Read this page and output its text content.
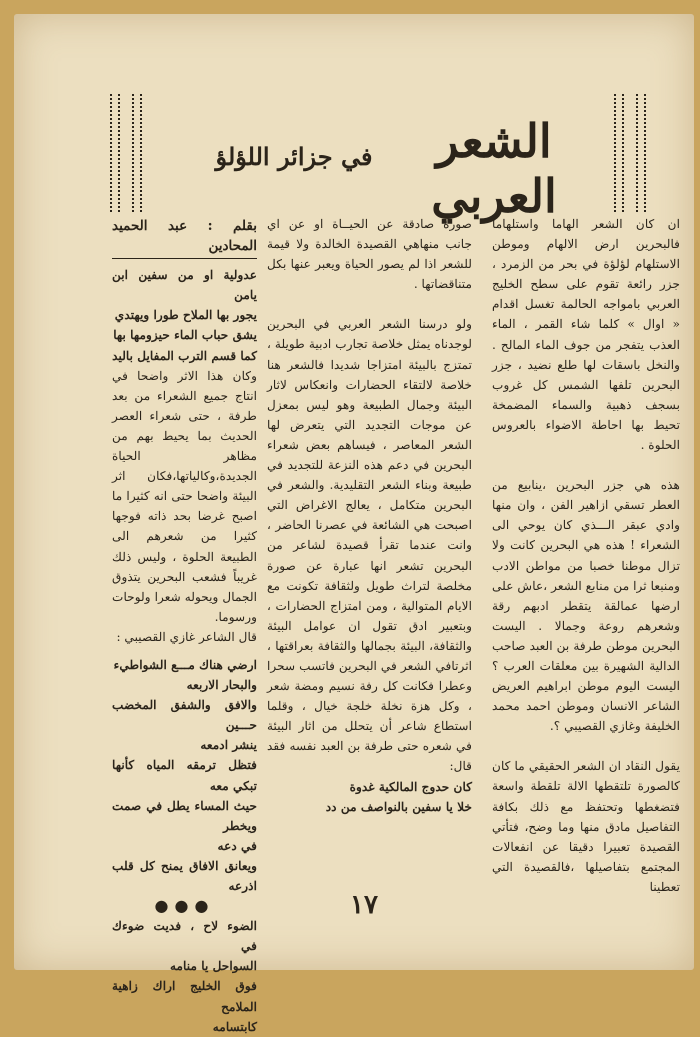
الشعر العربي
في جزائر اللؤلؤ

ان كان الشعر الهاما واستلهاما فالبحرين ارض الالهام وموطن الاستلهام لؤلؤة في بحر من الزمرد ، جزر رائعة تقوم على سطح الخليج العربي بامواجه الحالمة تغسل اقدام « اوال » كلما شاء القمر ، الماء العذب يتفجر من جوف الماء المالح . والنخل باسقات لها طلع نضيد ، جزر البحرين تلفها الشمس كل غروب بسجف ذهبية والسماء المضمخة تحيط بها احاطة الاضواء بالعروس الحلوة .

هذه هي جزر البحرين ،ينابيع من العطر تسقي ازاهير الفن ، وان منها وادي عبقر الـــذي كان يوحي الى الشعراء ! هذه هي البحرين كانت ولا تزال موطنا خصبا من مواطن الادب ومنبعا ثرا من منابع الشعر ،عاش على ارضها عمالقة يتقطر ادبهم رقة وشعرهم روعة وجمالا . اليست البحرين موطن طرفة بن العبد صاحب الدالية الشهيرة بين معلقات العرب ؟اليست اليوم موطن ابراهيم العريض الشاعر الانسان وموطن احمد محمد الخليفة وغازي القصيبي ؟.

يقول النقاد ان الشعر الحقيقي ما كان كالصورة تلتقطها الالة تلقطة واسعة فتضغطها وتحتفظ مع ذلك بكافة التفاصيل مادق منها وما وضح، فتأتي القصيدة تعبيرا دقيقا عن انفعالات المجتمع بتفاصيلها ،فالقصيدة التي تعطينا

صورة صادقة عن الحيــاة او عن اي جانب منهاهي القصيدة الخالدة ولا قيمة للشعر اذا لم يصور الحياة ويعبر عنها بكل متناقضاتها .

ولو درسنا الشعر العربي في البحرين لوجدناه يمثل خلاصة تجارب ادبية طويلة ، تمتزج بالبيئة امتزاجا شديدا فالشعر هنا خلاصة لالتقاء الحضارات وانعكاس لاثار البيئة وجمال الطبيعة وهو ليس بمعزل عن موجات التجديد التي يتعرض لها الشعر المعاصر ، فيساهم بعض شعراء البحرين في دعم هذه النزعة للتجديد في طبيعة وبناء الشعر التقليدية. والشعر في البحرين متكامل ، يعالج الاغراض التي اصبحت هي الشائعة في عصرنا الحاضر ، وانت عندما تقرأ قصيدة لشاعر من البحرين تشعر انها عبارة عن صورة مخلصة لتراث طويل ولثقافة تكونت مع الايام المتوالية ، ومن امتزاج الحضارات ، وبتعبير ادق تقول ان عوامل البيئة والثقافة، البيئة بجمالها والثقافة بعراقتها ، اثرتافي الشعر في البحرين فاتسب سحرا وعطرا فكانت كل رفة نسيم ومضة شعر ، وكل هزة نخلة خلجة خيال ، وقلما استطاع شاعر أن يتحلل من اثار البيئة في شعره حتى طرفة بن العبد نفسه فقد قال:

كان حدوج المالكية غدوة

خلا يا سفين بالنواصف من دد

بقلم : عبد الحميد المحادين

عدولية او من سفين ابن يامن

يجور بها الملاح طورا ويهتدي

يشق حباب الماء حيزومها بها

كما قسم الترب المفايل باليد

وكان هذا الاثر واضحا في انتاج جميع الشعراء من بعد طرفة ، حتى شعراء العصر الحديث بما يحيط بهم من مظاهر الحياة الجديدة،وكالياتها،فكان اثر البيئة واضحا حتى انه كثيرا ما اصبح غرضا بحد ذاته فوجها كثيرا من شعرهم الى الطبيعة الحلوة ، وليس ذلك غريباً فشعب البحرين يتذوق الجمال ويحوله شعرا ولوحات ورسوما.

قال الشاعر غازي القصيبي :

ارضي هناك مـــع الشواطيء

والبحار الاربعه

والافق والشفق المخضب حـــين

ينشر ادمعه

فتظل ترمقه المياه كأنها تبكي معه

حيث المساء يطل في صمت ويخطر

في دعه

ويعانق الافاق يمنح كل قلب اذرعه

●●●

الضوء لاح ، فديت ضوءك في

السواحل يا منامه

فوق الخليج اراك زاهية الملامح

كابتسامه

١٧
